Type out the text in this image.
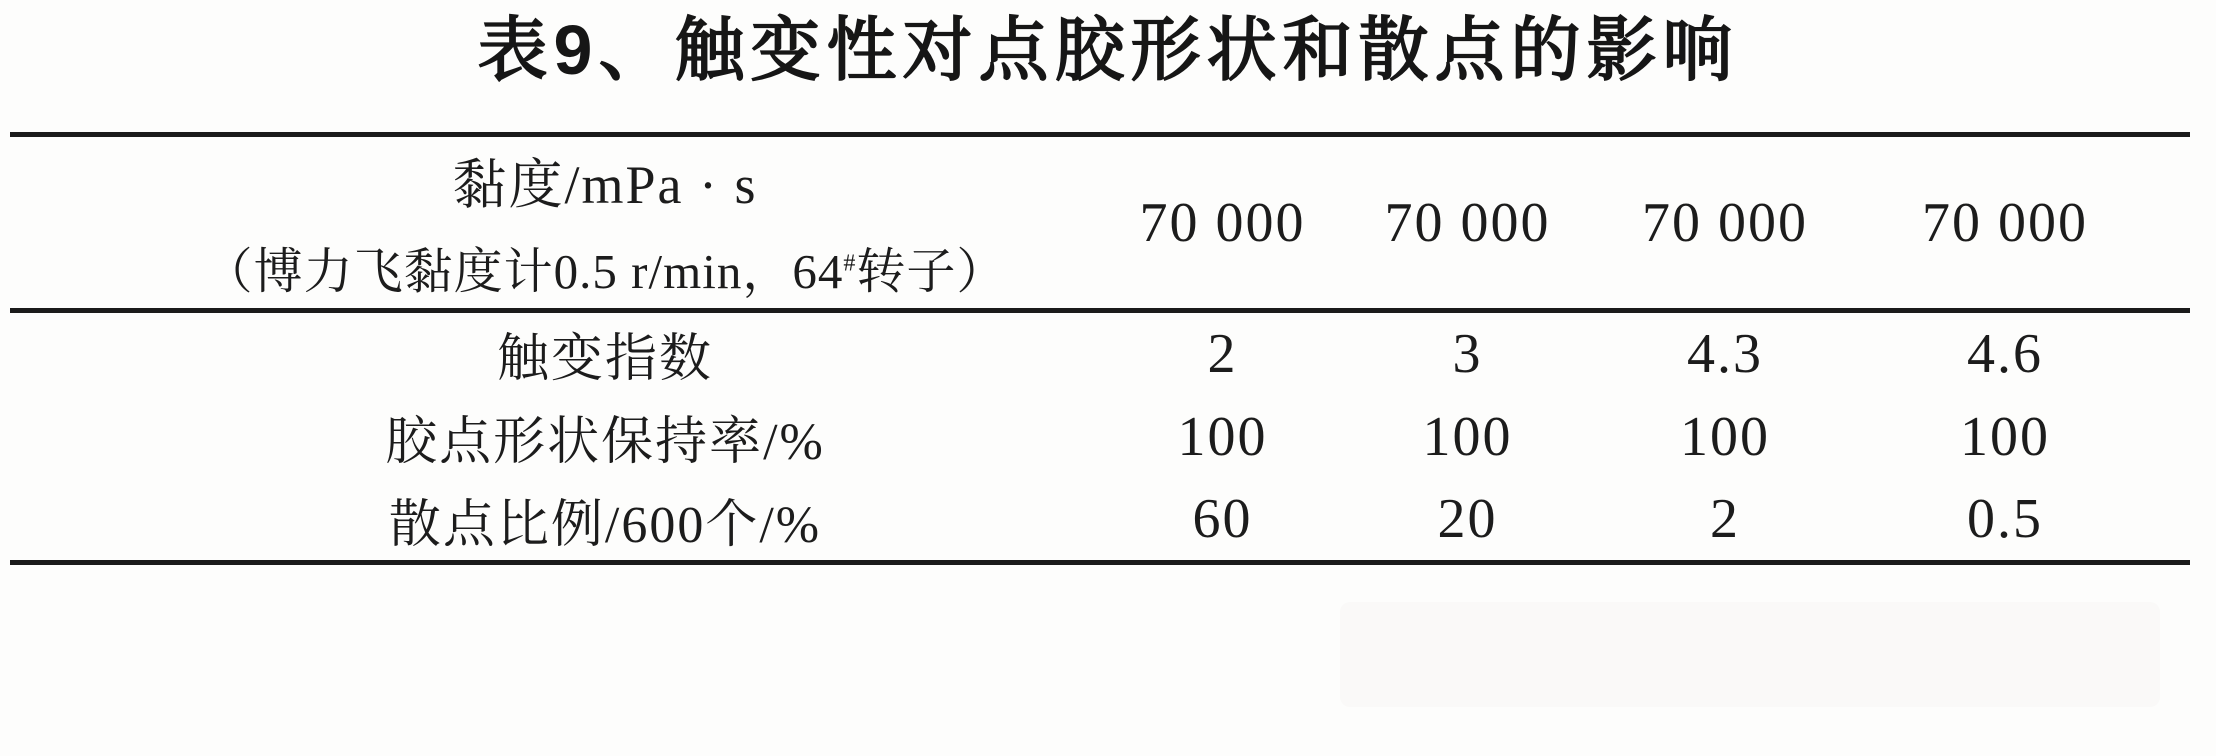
表9、触变性对点胶形状和散点的影响
黏度/mPa · s
（博力飞黏度计0.5 r/min，64#转子）	70 000	70 000	70 000	70 000	
触变指数	2	3	4.3	4.6	
胶点形状保持率/%	100	100	100	100	
散点比例/600个/%	60	20	2	0.5	
